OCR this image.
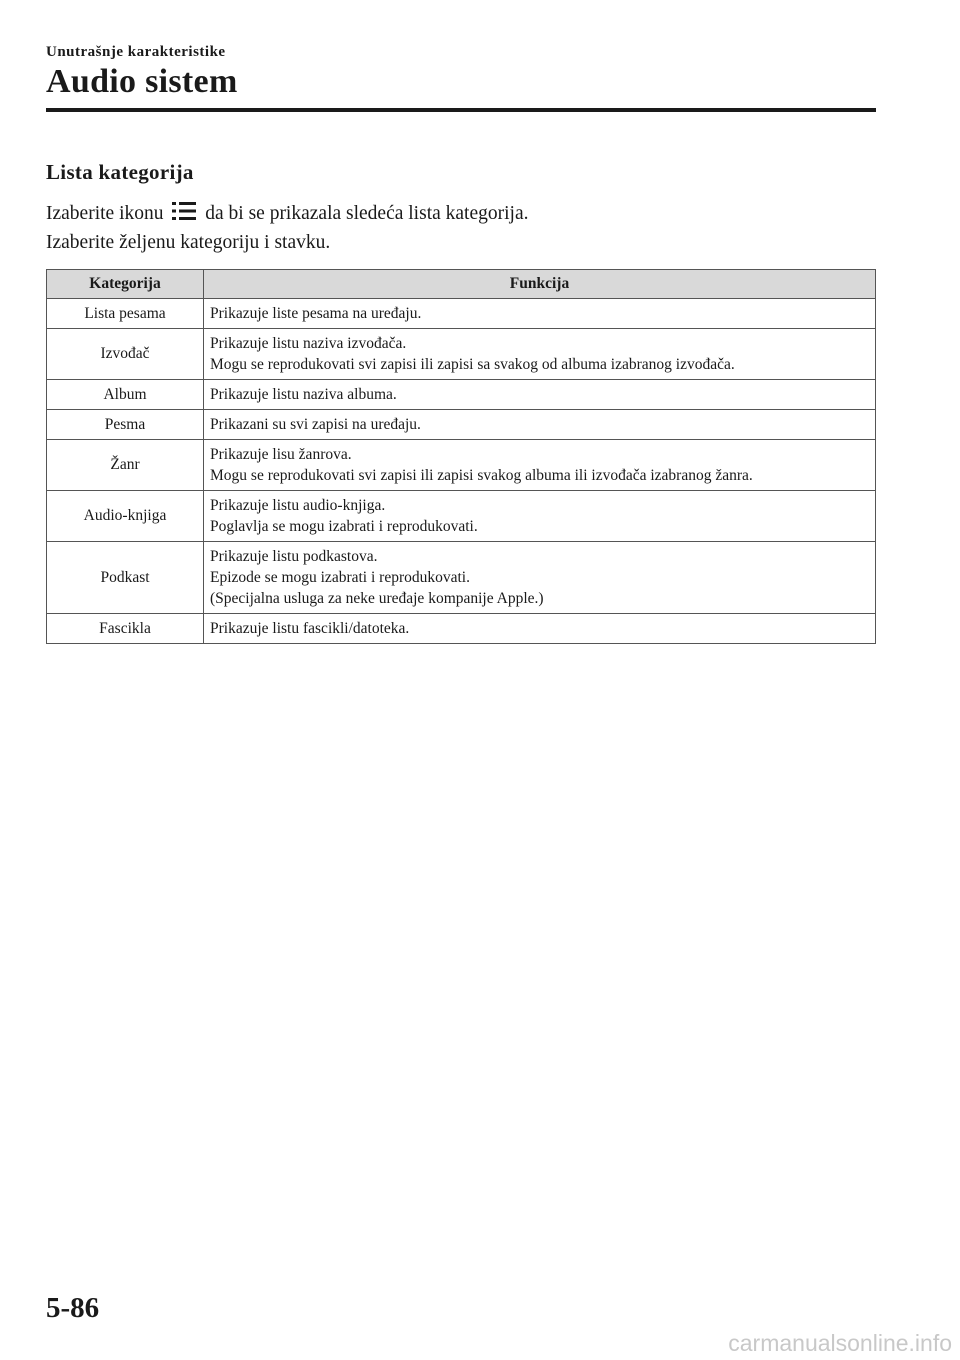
Unutrašnje karakteristike

Audio sistem
Lista kategorija

Izaberite ikonu da bi se prikazala sledeća lista kategorija.

Izaberite željenu kategoriju i stavku.

Kategorija	Funkcija
Lista pesama	Prikazuje liste pesama na uređaju.

Izvođač	Prikazuje listu naziva izvođača.
Mogu se reprodukovati svi zapisi ili zapisi sa svakog od albuma izabranog izvođača.

Album	Prikazuje listu naziva albuma.

Pesma	Prikazani su svi zapisi na uređaju.

Žanr	Prikazuje lisu žanrova.
Mogu se reprodukovati svi zapisi ili zapisi svakog albuma ili izvođača izabranog žanra.

Audio-knjiga	Prikazuje listu audio-knjiga.
Poglavlja se mogu izabrati i reprodukovati.

Podkast	Prikazuje listu podkastova.
Epizode se mogu izabrati i reprodukovati.
(Specijalna usluga za neke uređaje kompanije Apple.)

Fascikla	Prikazuje listu fascikli/datoteka.

5-86

carmanualsonline.info
